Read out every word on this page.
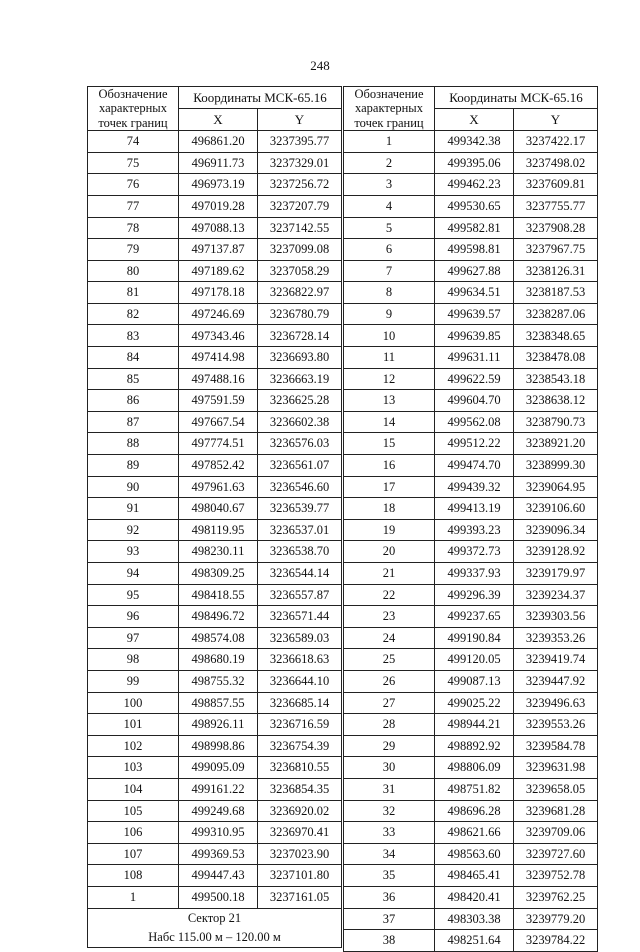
248
Обозначение характерных точек границ	Координаты МСК-65.16	
	X	Y
74	496861.20	3237395.77
75	496911.73	3237329.01
76	496973.19	3237256.72
77	497019.28	3237207.79
78	497088.13	3237142.55
79	497137.87	3237099.08
80	497189.62	3237058.29
81	497178.18	3236822.97
82	497246.69	3236780.79
83	497343.46	3236728.14
84	497414.98	3236693.80
85	497488.16	3236663.19
86	497591.59	3236625.28
87	497667.54	3236602.38
88	497774.51	3236576.03
89	497852.42	3236561.07
90	497961.63	3236546.60
91	498040.67	3236539.77
92	498119.95	3236537.01
93	498230.11	3236538.70
94	498309.25	3236544.14
95	498418.55	3236557.87
96	498496.72	3236571.44
97	498574.08	3236589.03
98	498680.19	3236618.63
99	498755.32	3236644.10
100	498857.55	3236685.14
101	498926.11	3236716.59
102	498998.86	3236754.39
103	499095.09	3236810.55
104	499161.22	3236854.35
105	499249.68	3236920.02
106	499310.95	3236970.41
107	499369.53	3237023.90
108	499447.43	3237101.80
1	499500.18	3237161.05

Сектор 21
Набс 115.00 м – 120.00 м		
Обозначение характерных точек границ	Координаты МСК-65.16	
	X	Y
1	499342.38	3237422.17
2	499395.06	3237498.02
3	499462.23	3237609.81
4	499530.65	3237755.77
5	499582.81	3237908.28
6	499598.81	3237967.75
7	499627.88	3238126.31
8	499634.51	3238187.53
9	499639.57	3238287.06
10	499639.85	3238348.65
11	499631.11	3238478.08
12	499622.59	3238543.18
13	499604.70	3238638.12
14	499562.08	3238790.73
15	499512.22	3238921.20
16	499474.70	3238999.30
17	499439.32	3239064.95
18	499413.19	3239106.60
19	499393.23	3239096.34
20	499372.73	3239128.92
21	499337.93	3239179.97
22	499296.39	3239234.37
23	499237.65	3239303.56
24	499190.84	3239353.26
25	499120.05	3239419.74
26	499087.13	3239447.92
27	499025.22	3239496.63
28	498944.21	3239553.26
29	498892.92	3239584.78
30	498806.09	3239631.98
31	498751.82	3239658.05
32	498696.28	3239681.28
33	498621.66	3239709.06
34	498563.60	3239727.60
35	498465.41	3239752.78
36	498420.41	3239762.25
37	498303.38	3239779.20
38	498251.64	3239784.22
